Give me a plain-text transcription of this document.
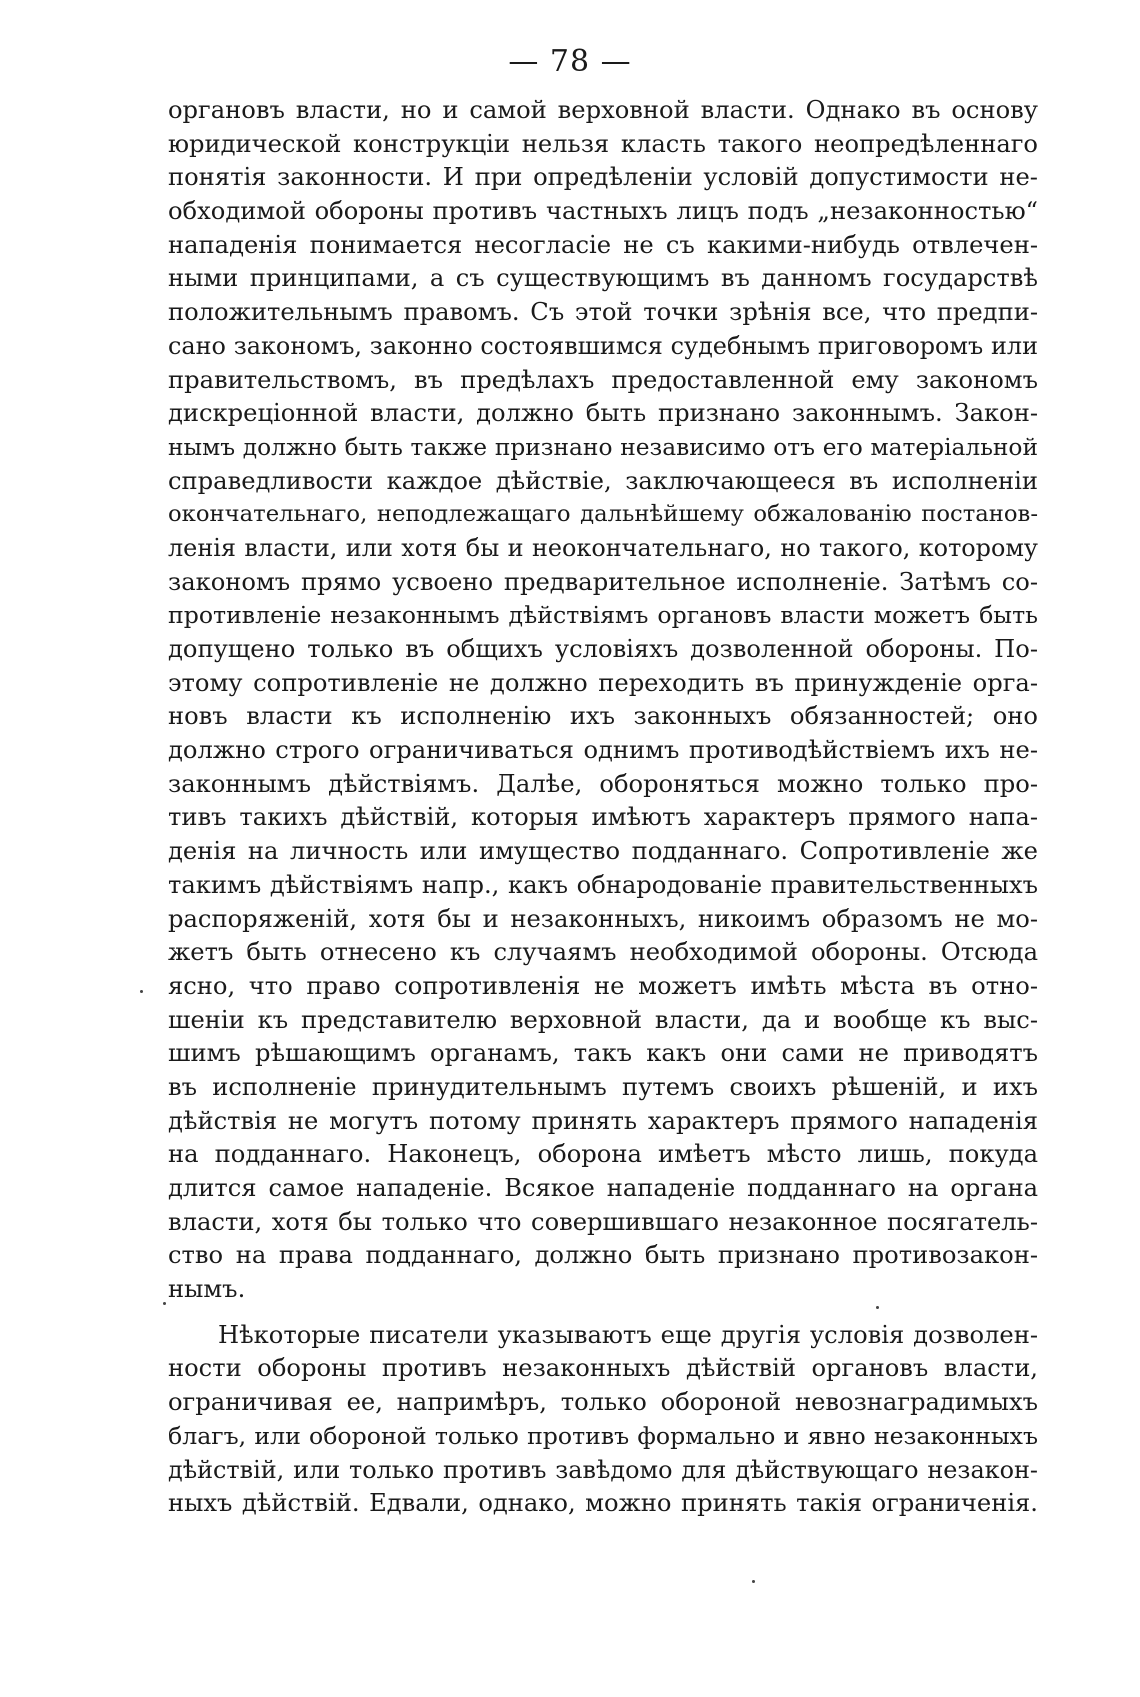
— 78 —
органовъ власти, но и самой верховной власти. Однако въ основу
юридической конструкціи нельзя класть такого неопредѣленнаго
понятія законности. И при опредѣленіи условій допустимости не-
обходимой обороны противъ частныхъ лицъ подъ „незаконностью“
нападенія понимается несогласіе не съ какими-нибудь отвлечен-
ными принципами, а съ существующимъ въ данномъ государствѣ
положительнымъ правомъ. Съ этой точки зрѣнія все, что предпи-
сано закономъ, законно состоявшимся судебнымъ приговоромъ или
правительствомъ, въ предѣлахъ предоставленной ему закономъ
дискреціонной власти, должно быть признано законнымъ. Закон-
нымъ должно быть также признано независимо отъ его матеріальной
справедливости каждое дѣйствіе, заключающееся въ исполненіи
окончательнаго, неподлежащаго дальнѣйшему обжалованію постанов-
ленія власти, или хотя бы и неокончательнаго, но такого, которому
закономъ прямо усвоено предварительное исполненіе. Затѣмъ со-
противленіе незаконнымъ дѣйствіямъ органовъ власти можетъ быть
допущено только въ общихъ условіяхъ дозволенной обороны. По-
этому сопротивленіе не должно переходить въ принужденіе орга-
новъ власти къ исполненію ихъ законныхъ обязанностей; оно
должно строго ограничиваться однимъ противодѣйствіемъ ихъ не-
законнымъ дѣйствіямъ. Далѣе, обороняться можно только про-
тивъ такихъ дѣйствій, которыя имѣютъ характеръ прямого напа-
денія на личность или имущество подданнаго. Сопротивленіе же
такимъ дѣйствіямъ напр., какъ обнародованіе правительственныхъ
распоряженій, хотя бы и незаконныхъ, никоимъ образомъ не мо-
жетъ быть отнесено къ случаямъ необходимой обороны. Отсюда
ясно, что право сопротивленія не можетъ имѣть мѣста въ отно-
шеніи къ представителю верховной власти, да и вообще къ выс-
шимъ рѣшающимъ органамъ, такъ какъ они сами не приводятъ
въ исполненіе принудительнымъ путемъ своихъ рѣшеній, и ихъ
дѣйствія не могутъ потому принять характеръ прямого нападенія
на подданнаго. Наконецъ, оборона имѣетъ мѣсто лишь, покуда
длится самое нападеніе. Всякое нападеніе подданнаго на органа
власти, хотя бы только что совершившаго незаконное посягатель-
ство на права подданнаго, должно быть признано противозакон-
нымъ.
Нѣкоторые писатели указываютъ еще другія условія дозволен-
ности обороны противъ незаконныхъ дѣйствій органовъ власти,
ограничивая ее, напримѣръ, только обороной невознаградимыхъ
благъ, или обороной только противъ формально и явно незаконныхъ
дѣйствій, или только противъ завѣдомо для дѣйствующаго незакон-
ныхъ дѣйствій. Едвали, однако, можно принять такія ограниченія.
